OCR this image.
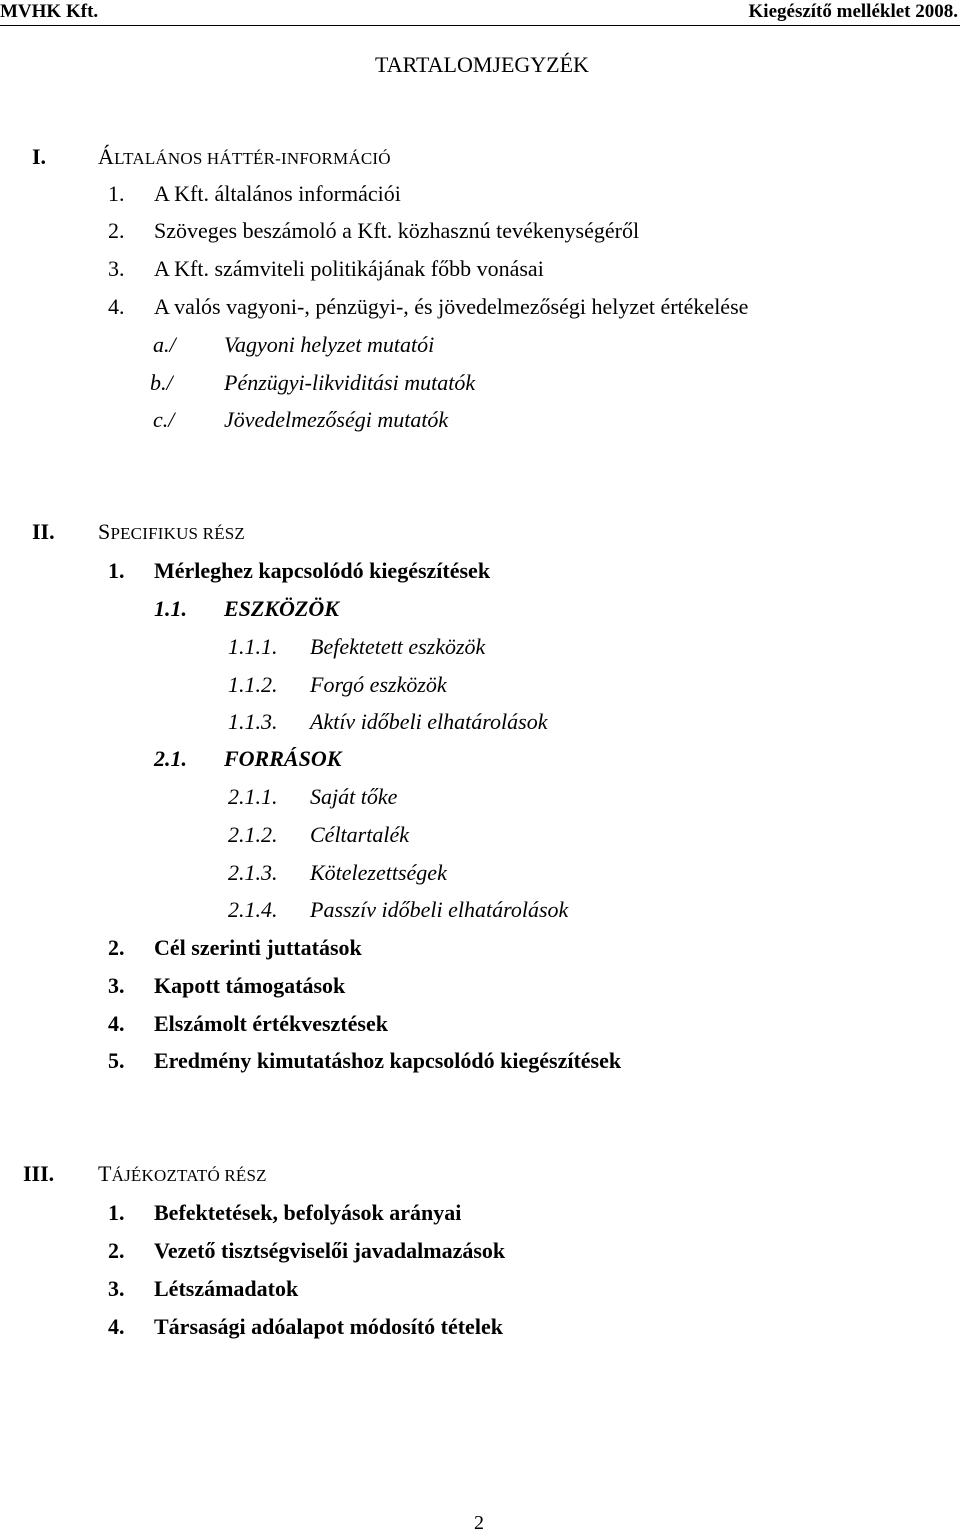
MVHK Kft.	Kiegészítő melléklet 2008.
TARTALOMJEGYZÉK
I. ÁLTALÁNOS HÁTTÉR-INFORMÁCIÓ
1. A Kft. általános információi
2. Szöveges beszámoló a Kft. közhasznú tevékenységéről
3. A Kft. számviteli politikájának főbb vonásai
4. A valós vagyoni-, pénzügyi-, és jövedelmezőségi helyzet értékelése
a./ Vagyoni helyzet mutatói
b./ Pénzügyi-likviditási mutatók
c./ Jövedelmezőségi mutatók
II. SPECIFIKUS RÉSZ
1. Mérleghez kapcsolódó kiegészítések
1.1. ESZKÖZÖK
1.1.1. Befektetett eszközök
1.1.2. Forgó eszközök
1.1.3. Aktív időbeli elhatárolások
2.1. FORRÁSOK
2.1.1. Saját tőke
2.1.2. Céltartalék
2.1.3. Kötelezettségek
2.1.4. Passzív időbeli elhatárolások
2. Cél szerinti juttatások
3. Kapott támogatások
4. Elszámolt értékvesztések
5. Eredmény kimutatáshoz kapcsolódó kiegészítések
III. TÁJÉKOZTATÓ RÉSZ
1. Befektetések, befolyások arányai
2. Vezető tisztségviselői javadalmazások
3. Létszámadatok
4. Társasági adóalapot módosító tételek
2
